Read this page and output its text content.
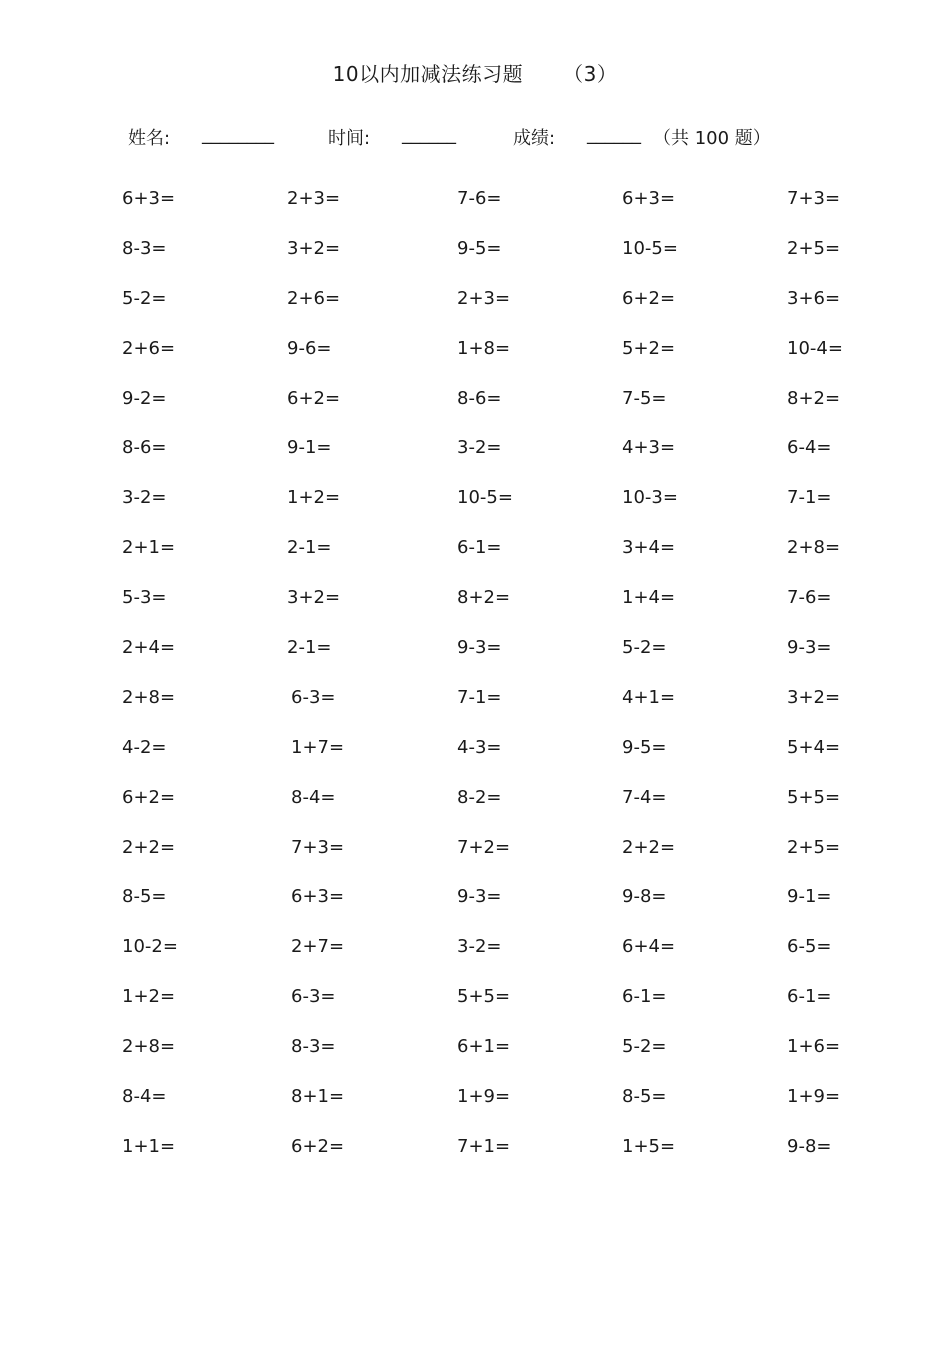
10以内加减法练习题 （3）
姓名: ________	时间: ______	成绩: ______ （共 100 题）
6+3=	2+3=	7-6=	6+3=	7+3=
8-3=	3+2=	9-5=	10-5=	2+5=
5-2=	2+6=	2+3=	6+2=	3+6=
2+6=	9-6=	1+8=	5+2=	10-4=
9-2=	6+2=	8-6=	7-5=	8+2=
8-6=	9-1=	3-2=	4+3=	6-4=
3-2=	1+2=	10-5=	10-3=	7-1=
2+1=	2-1=	6-1=	3+4=	2+8=
5-3=	3+2=	8+2=	1+4=	7-6=
2+4=	2-1=	9-3=	5-2=	9-3=
2+8=	6-3=	7-1=	4+1=	3+2=
4-2=	1+7=	4-3=	9-5=	5+4=
6+2=	8-4=	8-2=	7-4=	5+5=
2+2=	7+3=	7+2=	2+2=	2+5=
8-5=	6+3=	9-3=	9-8=	9-1=
10-2=	2+7=	3-2=	6+4=	6-5=
1+2=	6-3=	5+5=	6-1=	6-1=
2+8=	8-3=	6+1=	5-2=	1+6=
8-4=	8+1=	1+9=	8-5=	1+9=
1+1=	6+2=	7+1=	1+5=	9-8=
